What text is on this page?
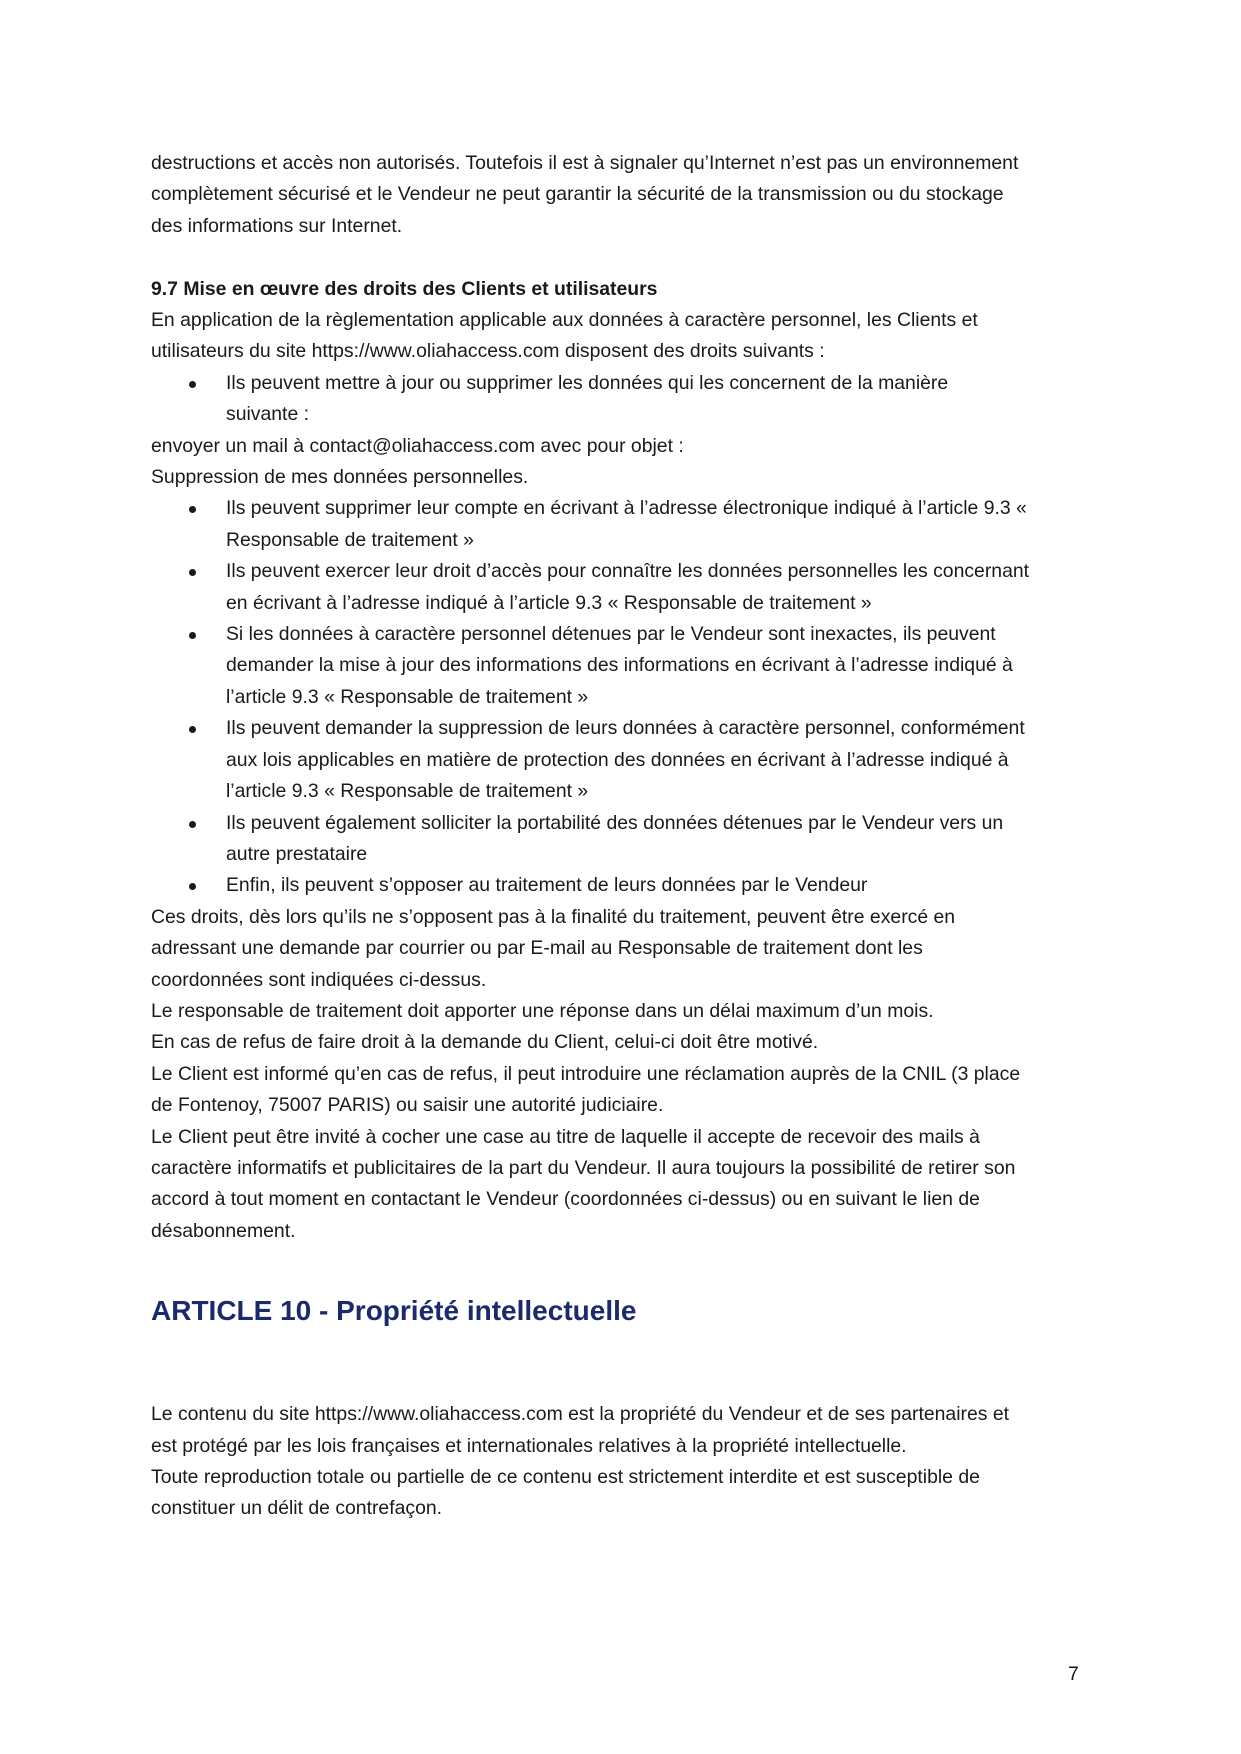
destructions et accès non autorisés. Toutefois il est à signaler qu’Internet n’est pas un environnement

complètement sécurisé et le Vendeur ne peut garantir la sécurité de la transmission ou du stockage

des informations sur Internet.

9.7 Mise en œuvre des droits des Clients et utilisateurs

En application de la règlementation applicable aux données à caractère personnel, les Clients et

utilisateurs du site https://www.oliahaccess.com disposent des droits suivants :

Ils peuvent mettre à jour ou supprimer les données qui les concernent de la manière
suivante :

envoyer un mail à contact@oliahaccess.com avec pour objet :

Suppression de mes données personnelles.

Ils peuvent supprimer leur compte en écrivant à l’adresse électronique indiqué à l’article 9.3 «
Responsable de traitement »
Ils peuvent exercer leur droit d’accès pour connaître les données personnelles les concernant
en écrivant à l’adresse indiqué à l’article 9.3 « Responsable de traitement »
Si les données à caractère personnel détenues par le Vendeur sont inexactes, ils peuvent
demander la mise à jour des informations des informations en écrivant à l’adresse indiqué à
l’article 9.3 « Responsable de traitement »
Ils peuvent demander la suppression de leurs données à caractère personnel, conformément
aux lois applicables en matière de protection des données en écrivant à l’adresse indiqué à
l’article 9.3 « Responsable de traitement »
Ils peuvent également solliciter la portabilité des données détenues par le Vendeur vers un
autre prestataire
Enfin, ils peuvent s’opposer au traitement de leurs données par le Vendeur

Ces droits, dès lors qu’ils ne s’opposent pas à la finalité du traitement, peuvent être exercé en

adressant une demande par courrier ou par E-mail au Responsable de traitement dont les

coordonnées sont indiquées ci-dessus.

Le responsable de traitement doit apporter une réponse dans un délai maximum d’un mois.

En cas de refus de faire droit à la demande du Client, celui-ci doit être motivé.

Le Client est informé qu’en cas de refus, il peut introduire une réclamation auprès de la CNIL (3 place

de Fontenoy, 75007 PARIS) ou saisir une autorité judiciaire.

Le Client peut être invité à cocher une case au titre de laquelle il accepte de recevoir des mails à

caractère informatifs et publicitaires de la part du Vendeur. Il aura toujours la possibilité de retirer son

accord à tout moment en contactant le Vendeur (coordonnées ci-dessus) ou en suivant le lien de

désabonnement.

ARTICLE 10 - Propriété intellectuelle

Le contenu du site https://www.oliahaccess.com est la propriété du Vendeur et de ses partenaires et

est protégé par les lois françaises et internationales relatives à la propriété intellectuelle.

Toute reproduction totale ou partielle de ce contenu est strictement interdite et est susceptible de

constituer un délit de contrefaçon.

7
